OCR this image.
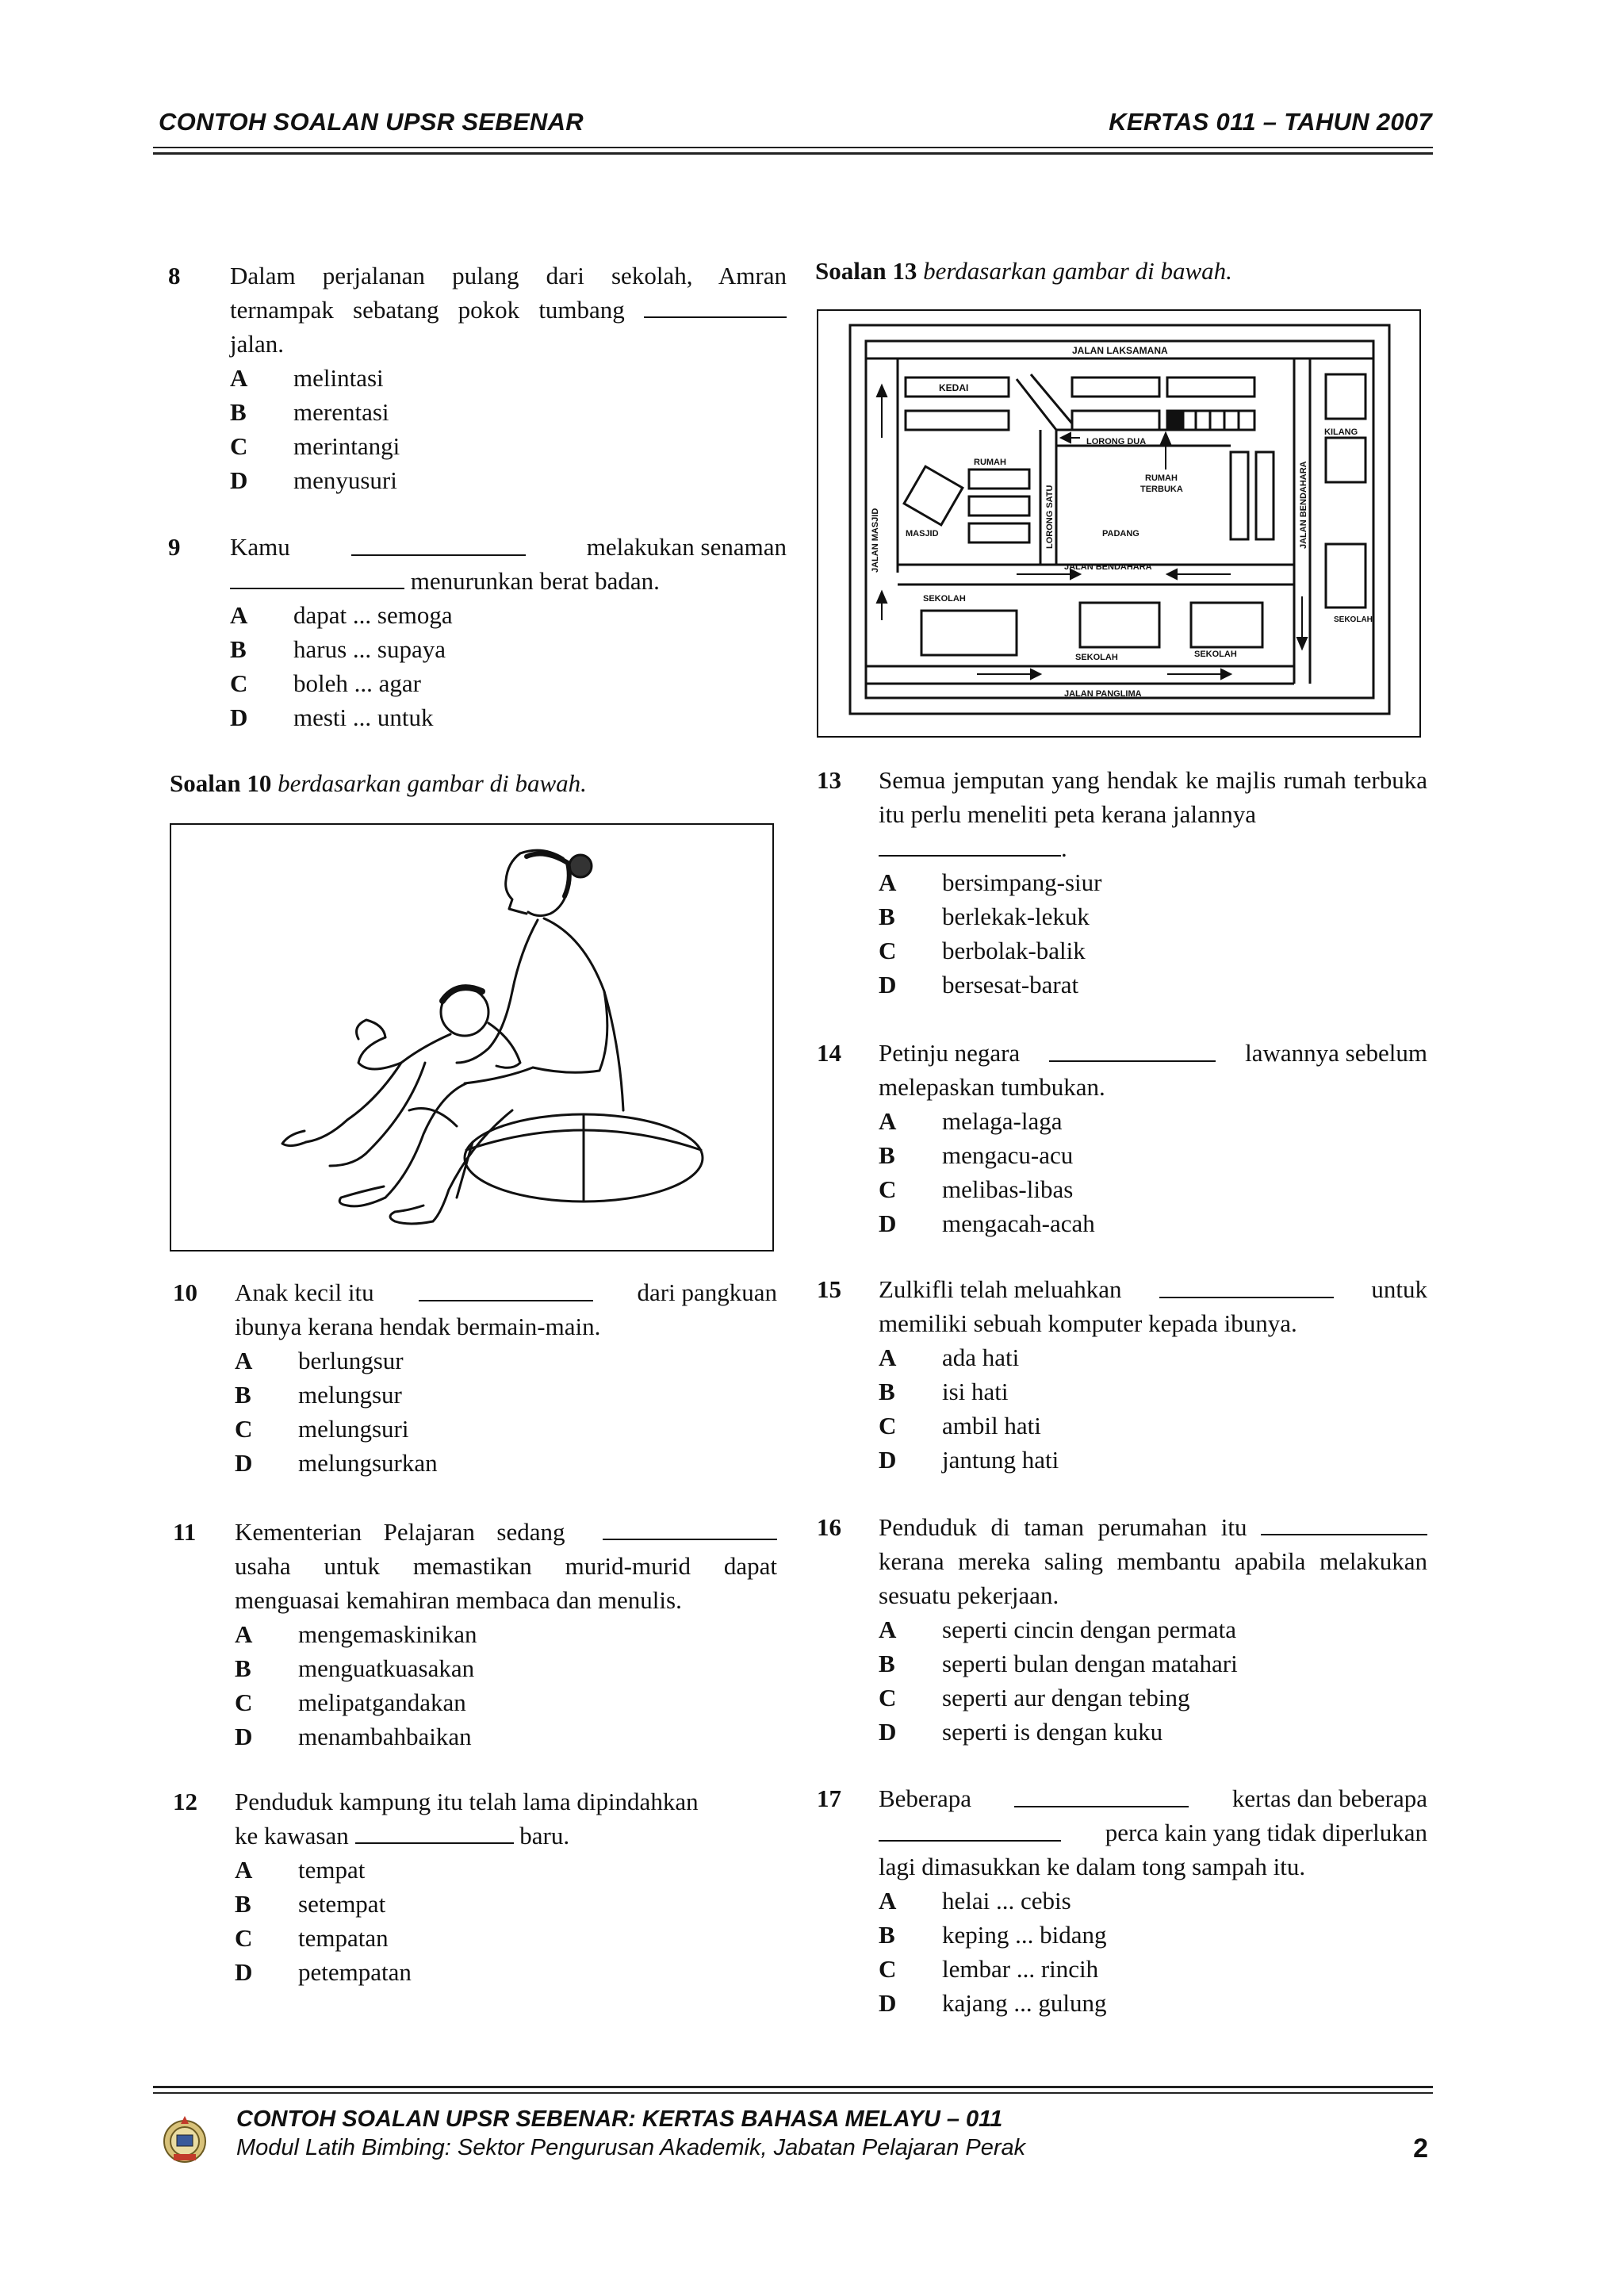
CONTOH SOALAN UPSR SEBENAR	KERTAS 011 – TAHUN 2007
8	Dalam perjalanan pulang dari sekolah, Amran ternampak sebatang pokok tumbang  jalan.
A	melintasi
B	merentasi
C	merintangi
D	menyusuri
9	Kamu	melakukan senaman
menurunkan berat badan.
A	dapat ... semoga
B	harus ... supaya
C	boleh ... agar
D	mesti ... untuk
Soalan 10 berdasarkan gambar di bawah.
10	Anak kecil itu	dari pangkuan
ibunya kerana hendak bermain-main.
A	berlungsur
B	melungsur
C	melungsuri
D	melungsurkan
11	Kementerian Pelajaran sedang  usaha untuk memastikan murid-murid dapat menguasai kemahiran membaca dan menulis.
A	mengemaskinikan
B	menguatkuasakan
C	melipatgandakan
D	menambahbaikan
12	Penduduk kampung itu telah lama dipindahkan
ke kawasan	baru.
A	tempat
B	setempat
C	tempatan
D	petempatan
Soalan 13 berdasarkan gambar di bawah.
JALAN LAKSAMANA
KEDAI
KILANG
LORONG DUA
RUMAH
RUMAH
TERBUKA
PADANG
MASJID
JALAN BENDAHARA
SEKOLAH
SEKOLAH
SEKOLAH	SEKOLAH
JALAN PANGLIMA
JALAN MASJID	LORONG SATU	JALAN BENDAHARA
13	Semua jemputan yang hendak ke majlis rumah terbuka itu perlu meneliti peta kerana jalannya
.
A	bersimpang-siur
B	berlekak-lekuk
C	berbolak-balik
D	bersesat-barat
14	Petinju negara	lawannya sebelum
melepaskan tumbukan.
A	melaga-laga
B	mengacu-acu
C	melibas-libas
D	mengacah-acah
15	Zulkifli telah meluahkan	untuk
memiliki sebuah komputer kepada ibunya.
A	ada hati
B	isi hati
C	ambil hati
D	jantung hati
16	Penduduk di taman perumahan itu  kerana mereka saling membantu apabila melakukan sesuatu pekerjaan.
A	seperti cincin dengan permata
B	seperti bulan dengan matahari
C	seperti aur dengan tebing
D	seperti is dengan kuku
17	Beberapa	kertas dan beberapa
perca kain yang tidak diperlukan
lagi dimasukkan ke dalam tong sampah itu.
A	helai ... cebis
B	keping ... bidang
C	lembar ... rincih
D	kajang ... gulung
CONTOH SOALAN UPSR SEBENAR: KERTAS BAHASA MELAYU – 011
Modul Latih Bimbing: Sektor Pengurusan Akademik, Jabatan Pelajaran Perak	2
